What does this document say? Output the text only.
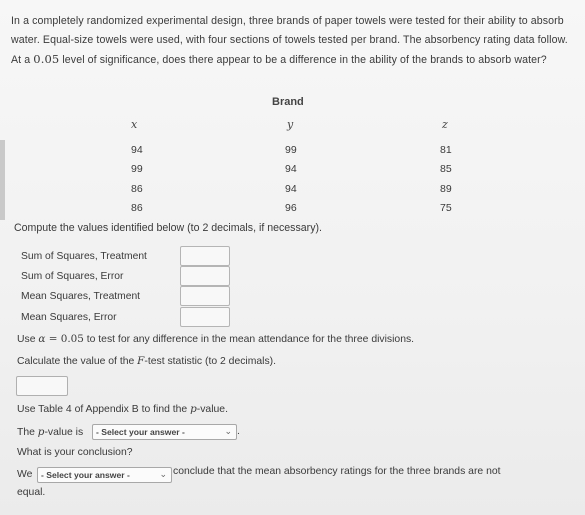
In a completely randomized experimental design, three brands of paper towels were tested for their ability to absorb water. Equal-size towels were used, with four sections of towels tested per brand. The absorbency rating data follow. At a 0.05 level of significance, does there appear to be a difference in the ability of the brands to absorb water?
Brand
x	y	z
94	99	81
99	94	85
86	94	89
86	96	75
Compute the values identified below (to 2 decimals, if necessary).
Sum of Squares, Treatment
Sum of Squares, Error
Mean Squares, Treatment
Mean Squares, Error
Use α = 0.05 to test for any difference in the mean attendance for the three divisions.
Calculate the value of the F-test statistic (to 2 decimals).
Use Table 4 of Appendix B to find the p-value.
The p-value is	- Select your answer -	⌄ .
What is your conclusion?
We - Select your answer -	⌄ conclude that the mean absorbency ratings for the three brands are not
equal.
